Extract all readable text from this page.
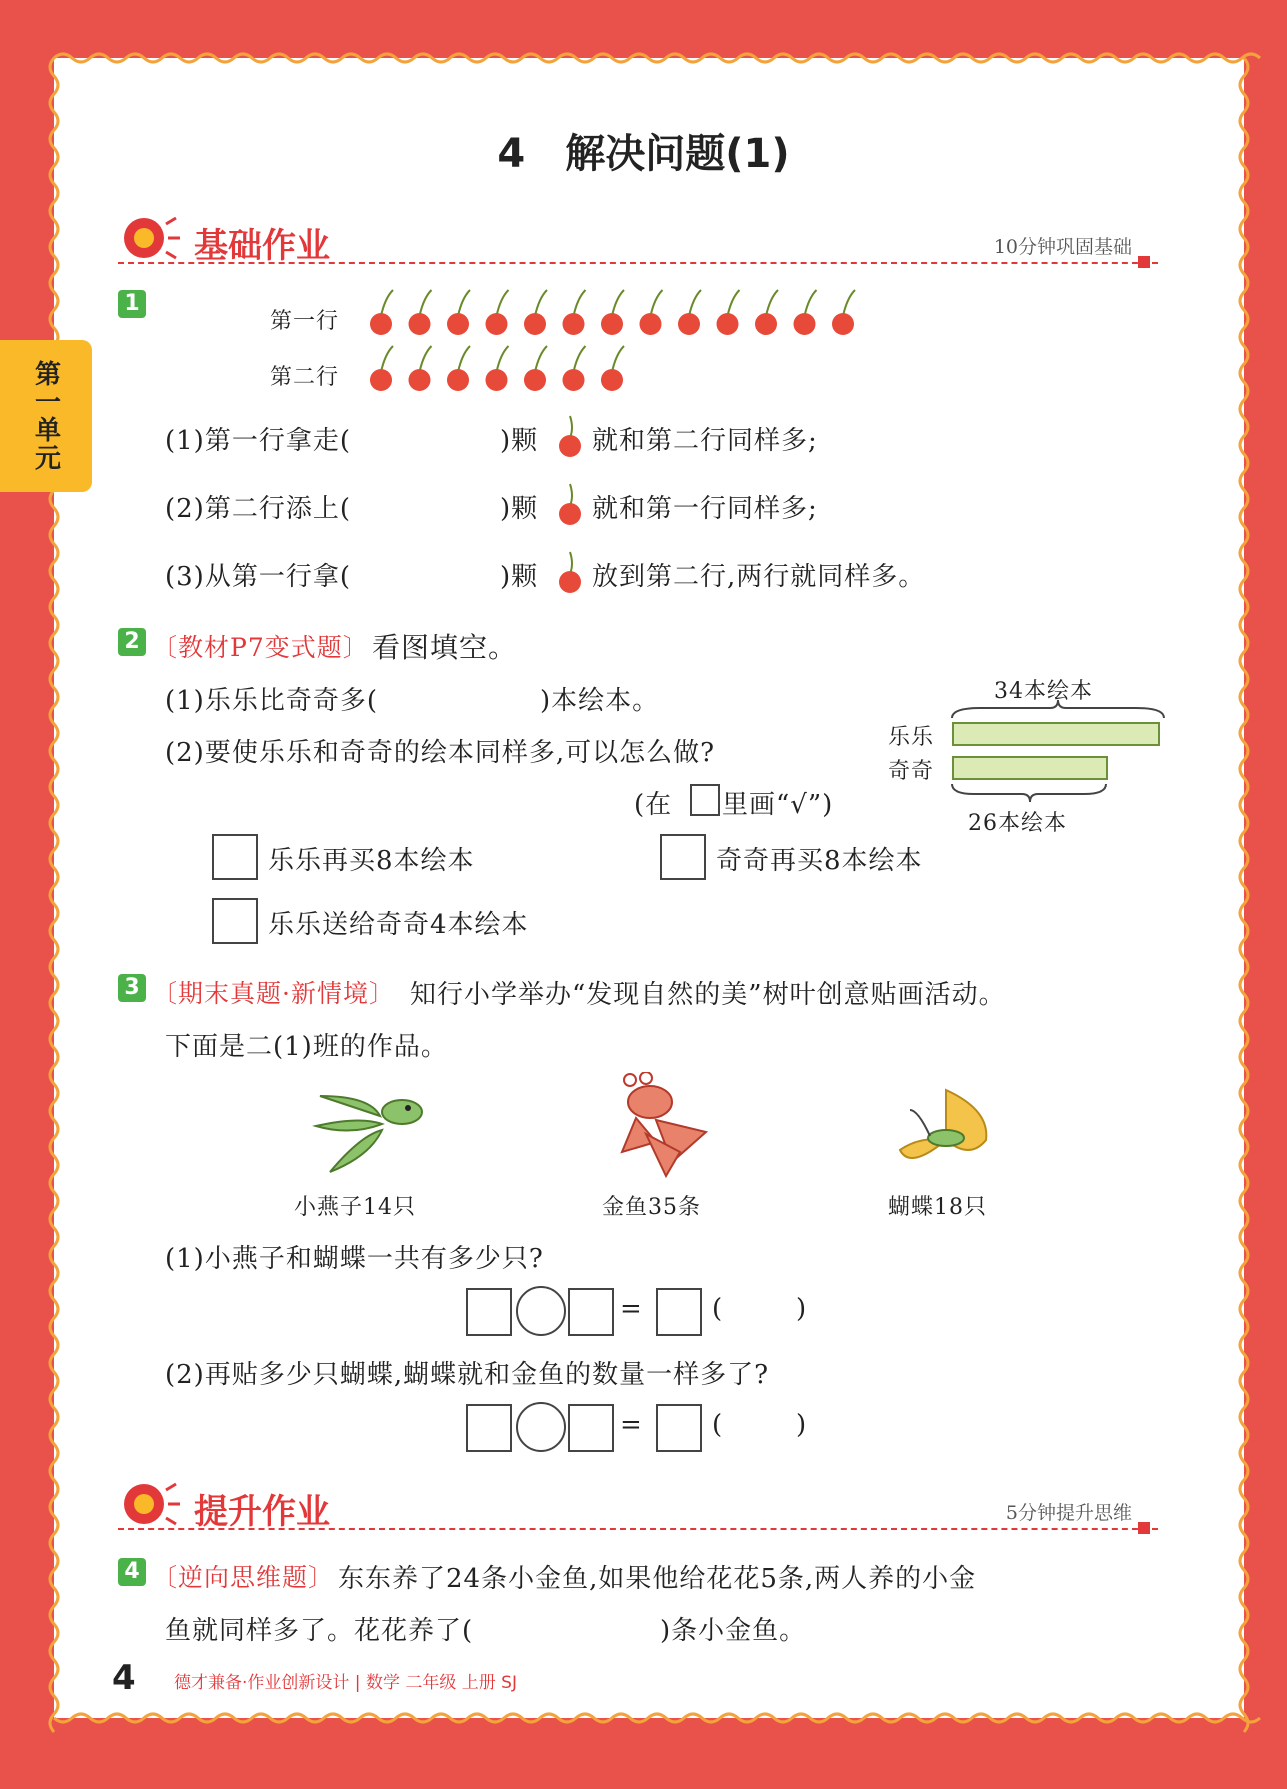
第一单元
4　解决问题(1)
基础作业	10分钟巩固基础
1
第一行
第二行
(1)第一行拿走(	)颗 就和第二行同样多;
(2)第二行添上(	)颗 就和第一行同样多;
(3)从第一行拿(	)颗 放到第二行,两行就同样多。
2 〔教材P7变式题〕 看图填空。
(1)乐乐比奇奇多(	)本绘本。
(2)要使乐乐和奇奇的绘本同样多,可以怎么做?
(在 里画“√”)
乐乐再买8本绘本	奇奇再买8本绘本
乐乐送给奇奇4本绘本
34本绘本
乐乐
奇奇
26本绘本
3 〔期末真题·新情境〕 知行小学举办“发现自然的美”树叶创意贴画活动。
下面是二(1)班的作品。
小燕子14只	金鱼35条	蝴蝶18只
(1)小燕子和蝴蝶一共有多少只?
=	(	)
(2)再贴多少只蝴蝶,蝴蝶就和金鱼的数量一样多了?
=	(	)
提升作业	5分钟提升思维
4 〔逆向思维题〕 东东养了24条小金鱼,如果他给花花5条,两人养的小金
鱼就同样多了。花花养了(	)条小金鱼。
4 德才兼备·作业创新设计 | 数学 二年级 上册 SJ
